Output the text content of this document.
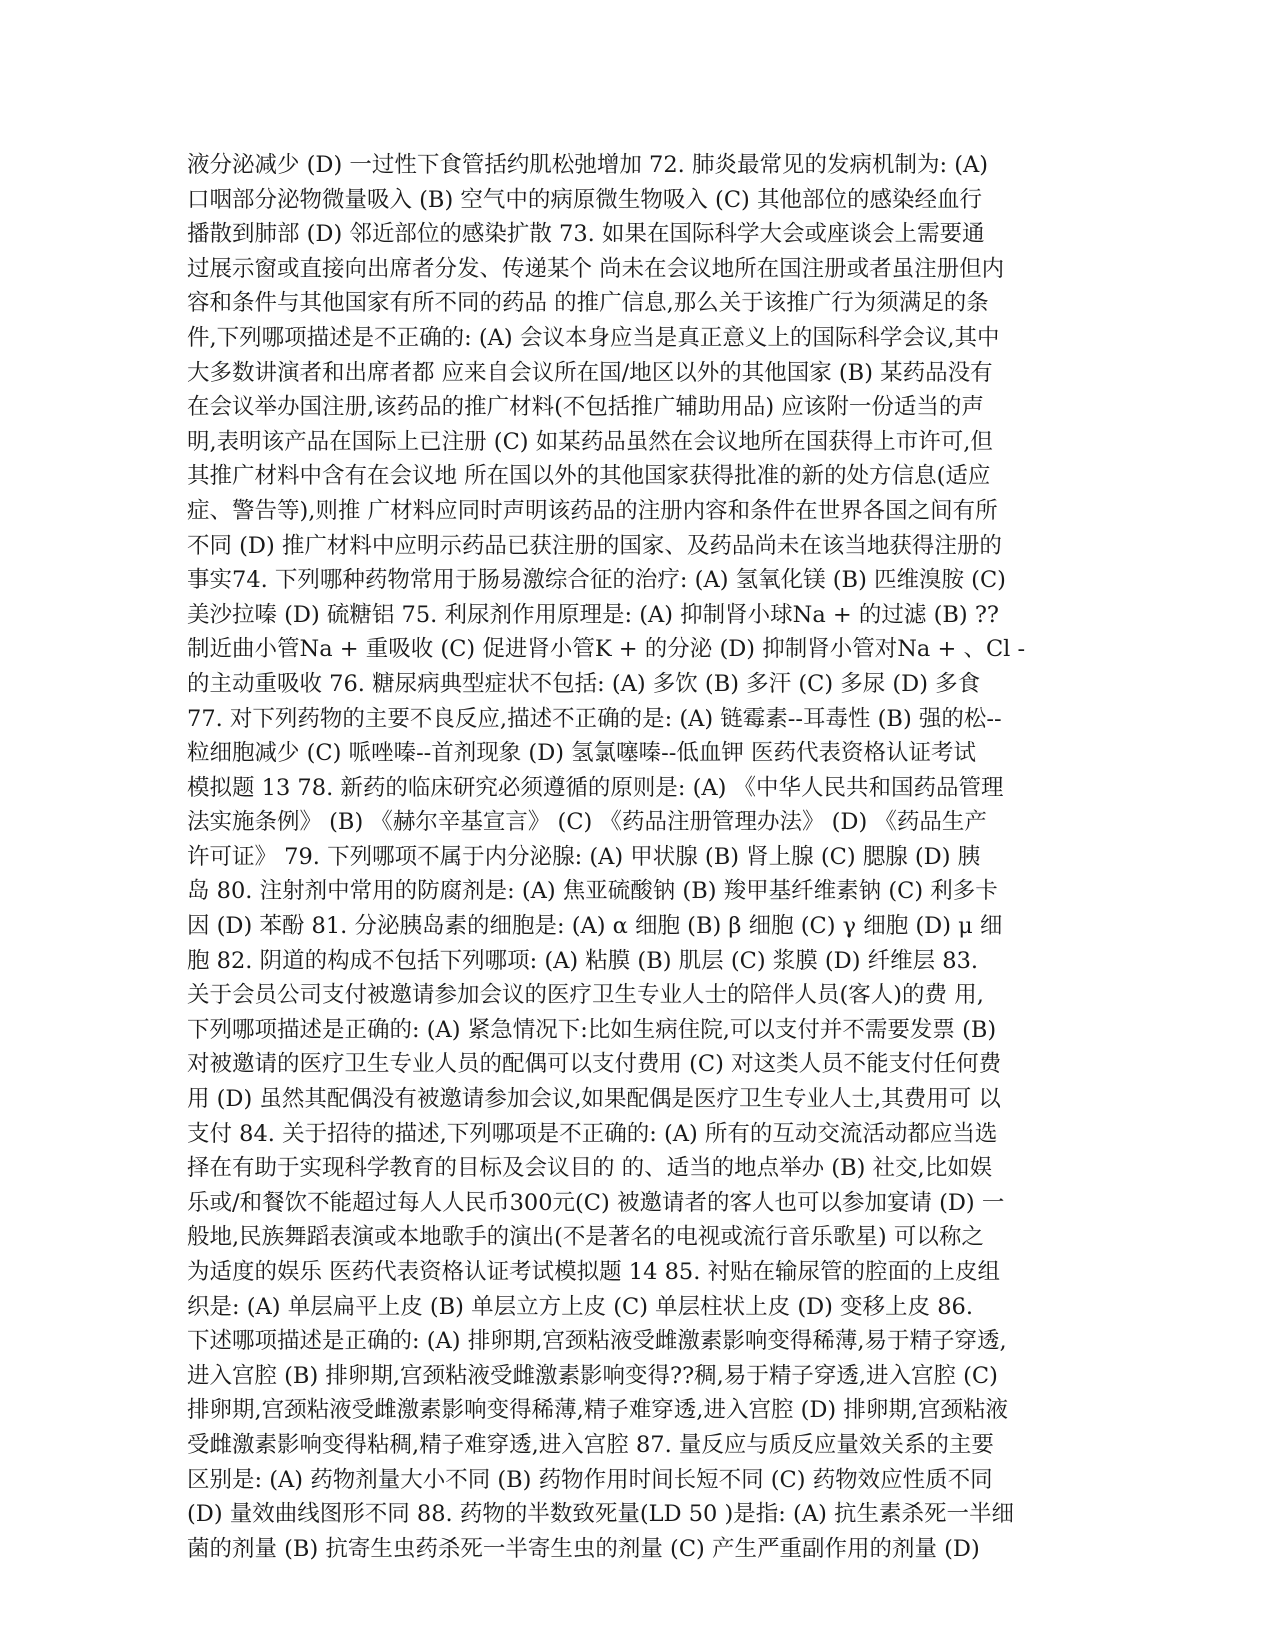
液分泌减少 (D) 一过性下食管括约肌松弛增加 72. 肺炎最常见的发病机制为: (A)
口咽部分泌物微量吸入 (B) 空气中的病原微生物吸入 (C) 其他部位的感染经血行
播散到肺部 (D) 邻近部位的感染扩散 73. 如果在国际科学大会或座谈会上需要通
过展示窗或直接向出席者分发、传递某个 尚未在会议地所在国注册或者虽注册但内
容和条件与其他国家有所不同的药品 的推广信息,那么关于该推广行为须满足的条
件,下列哪项描述是不正确的: (A) 会议本身应当是真正意义上的国际科学会议,其中
大多数讲演者和出席者都 应来自会议所在国/地区以外的其他国家 (B) 某药品没有
在会议举办国注册,该药品的推广材料(不包括推广辅助用品) 应该附一份适当的声
明,表明该产品在国际上已注册 (C) 如某药品虽然在会议地所在国获得上市许可,但
其推广材料中含有在会议地 所在国以外的其他国家获得批准的新的处方信息(适应
症、警告等),则推 广材料应同时声明该药品的注册内容和条件在世界各国之间有所
不同 (D) 推广材料中应明示药品已获注册的国家、及药品尚未在该当地获得注册的
事实74. 下列哪种药物常用于肠易激综合征的治疗: (A) 氢氧化镁 (B) 匹维溴胺 (C)
美沙拉嗪 (D) 硫糖铝 75. 利尿剂作用原理是: (A) 抑制肾小球Na + 的过滤 (B) ??
制近曲小管Na + 重吸收 (C) 促进肾小管K + 的分泌 (D) 抑制肾小管对Na + 、Cl -
的主动重吸收 76. 糖尿病典型症状不包括: (A) 多饮 (B) 多汗 (C) 多尿 (D) 多食
77. 对下列药物的主要不良反应,描述不正确的是: (A) 链霉素--耳毒性 (B) 强的松--
粒细胞减少 (C) 哌唑嗪--首剂现象 (D) 氢氯噻嗪--低血钾 医药代表资格认证考试
模拟题 13 78. 新药的临床研究必须遵循的原则是: (A) 《中华人民共和国药品管理
法实施条例》 (B) 《赫尔辛基宣言》 (C) 《药品注册管理办法》 (D) 《药品生产
许可证》 79. 下列哪项不属于内分泌腺: (A) 甲状腺 (B) 肾上腺 (C) 腮腺 (D) 胰
岛 80. 注射剂中常用的防腐剂是: (A) 焦亚硫酸钠 (B) 羧甲基纤维素钠 (C) 利多卡
因 (D) 苯酚 81. 分泌胰岛素的细胞是: (A) α 细胞 (B) β 细胞 (C) γ 细胞 (D) μ 细
胞 82. 阴道的构成不包括下列哪项: (A) 粘膜 (B) 肌层 (C) 浆膜 (D) 纤维层 83.
关于会员公司支付被邀请参加会议的医疗卫生专业人士的陪伴人员(客人)的费 用,
下列哪项描述是正确的: (A) 紧急情况下:比如生病住院,可以支付并不需要发票 (B)
对被邀请的医疗卫生专业人员的配偶可以支付费用 (C) 对这类人员不能支付任何费
用 (D) 虽然其配偶没有被邀请参加会议,如果配偶是医疗卫生专业人士,其费用可 以
支付 84. 关于招待的描述,下列哪项是不正确的: (A) 所有的互动交流活动都应当选
择在有助于实现科学教育的目标及会议目的 的、适当的地点举办 (B) 社交,比如娱
乐或/和餐饮不能超过每人人民币300元(C) 被邀请者的客人也可以参加宴请 (D) 一
般地,民族舞蹈表演或本地歌手的演出(不是著名的电视或流行音乐歌星) 可以称之
为适度的娱乐 医药代表资格认证考试模拟题 14 85. 衬贴在输尿管的腔面的上皮组
织是: (A) 单层扁平上皮 (B) 单层立方上皮 (C) 单层柱状上皮 (D) 变移上皮 86.
下述哪项描述是正确的: (A) 排卵期,宫颈粘液受雌激素影响变得稀薄,易于精子穿透,
进入宫腔 (B) 排卵期,宫颈粘液受雌激素影响变得??稠,易于精子穿透,进入宫腔 (C)
排卵期,宫颈粘液受雌激素影响变得稀薄,精子难穿透,进入宫腔 (D) 排卵期,宫颈粘液
受雌激素影响变得粘稠,精子难穿透,进入宫腔 87. 量反应与质反应量效关系的主要
区别是: (A) 药物剂量大小不同 (B) 药物作用时间长短不同 (C) 药物效应性质不同
(D) 量效曲线图形不同 88. 药物的半数致死量(LD 50 )是指: (A) 抗生素杀死一半细
菌的剂量 (B) 抗寄生虫药杀死一半寄生虫的剂量 (C) 产生严重副作用的剂量 (D)
